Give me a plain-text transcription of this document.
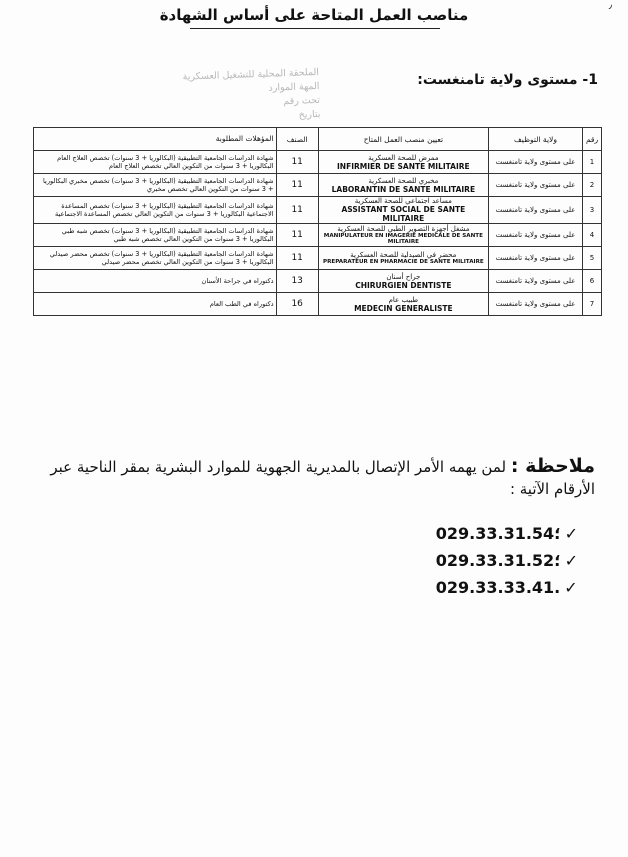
٫
مناصب العمل المتاحة على أساس الشهادة
الملحقة المحلية للتشغيل العسكرية
المهة الموارد
تحت رقم
بتاريخ
1- مستوى ولاية تامنغست:
رقم	ولاية التوظيف	تعيين منصب العمل المتاح	الصنف	المؤهلات المطلوبة
1	على مستوى ولاية تامنغست	ممرض للصحة العسكرية
INFIRMIER DE SANTE MILITAIRE	11	شهادة الدراسات الجامعية التطبيقية (البكالوريا + 3 سنوات) تخصص العلاج العام البكالوريا + 3 سنوات من التكوين العالي تخصص العلاج العام
2	على مستوى ولاية تامنغست	مخبري للصحة العسكرية
LABORANTIN DE SANTE MILITAIRE	11	شهادة الدراسات الجامعية التطبيقية (البكالوريا + 3 سنوات) تخصص مخبري البكالوريا + 3 سنوات من التكوين العالي تخصص مخبري
3	على مستوى ولاية تامنغست	مساعد اجتماعي للصحة العسكرية
ASSISTANT SOCIAL DE SANTE MILITAIRE	11	شهادة الدراسات الجامعية التطبيقية (البكالوريا + 3 سنوات) تخصص المساعدة الاجتماعية البكالوريا + 3 سنوات من التكوين العالي تخصص المساعدة الاجتماعية
4	على مستوى ولاية تامنغست	مشغل أجهزة التصوير الطبي للصحة العسكرية
MANIPULATEUR EN IMAGERIE MEDICALE DE SANTE MILITAIRE	11	شهادة الدراسات الجامعية التطبيقية (البكالوريا + 3 سنوات) تخصص شبه طبي البكالوريا + 3 سنوات من التكوين العالي تخصص شبه طبي
5	على مستوى ولاية تامنغست	محضر في الصيدلية للصحة العسكرية
PREPARATEUR EN PHARMACIE DE SANTE MILITAIRE	11	شهادة الدراسات الجامعية التطبيقية (البكالوريا + 3 سنوات) تخصص محضر صيدلي البكالوريا + 3 سنوات من التكوين العالي تخصص محضر صيدلي
6	على مستوى ولاية تامنغست	جراح أسنان
CHIRURGIEN DENTISTE	13	دكتوراه في جراحة الأسنان
7	على مستوى ولاية تامنغست	طبيب عام
MEDECIN GENERALISTE	16	دكتوراه في الطب العام
ملاحظة : لمن يهمه الأمر الإتصال بالمديرية الجهوية للموارد البشرية بمقر الناحية عبر الأرقام الآتية :
029.33.31.54؛ ✓
029.33.31.52؛ ✓
029.33.33.41. ✓
